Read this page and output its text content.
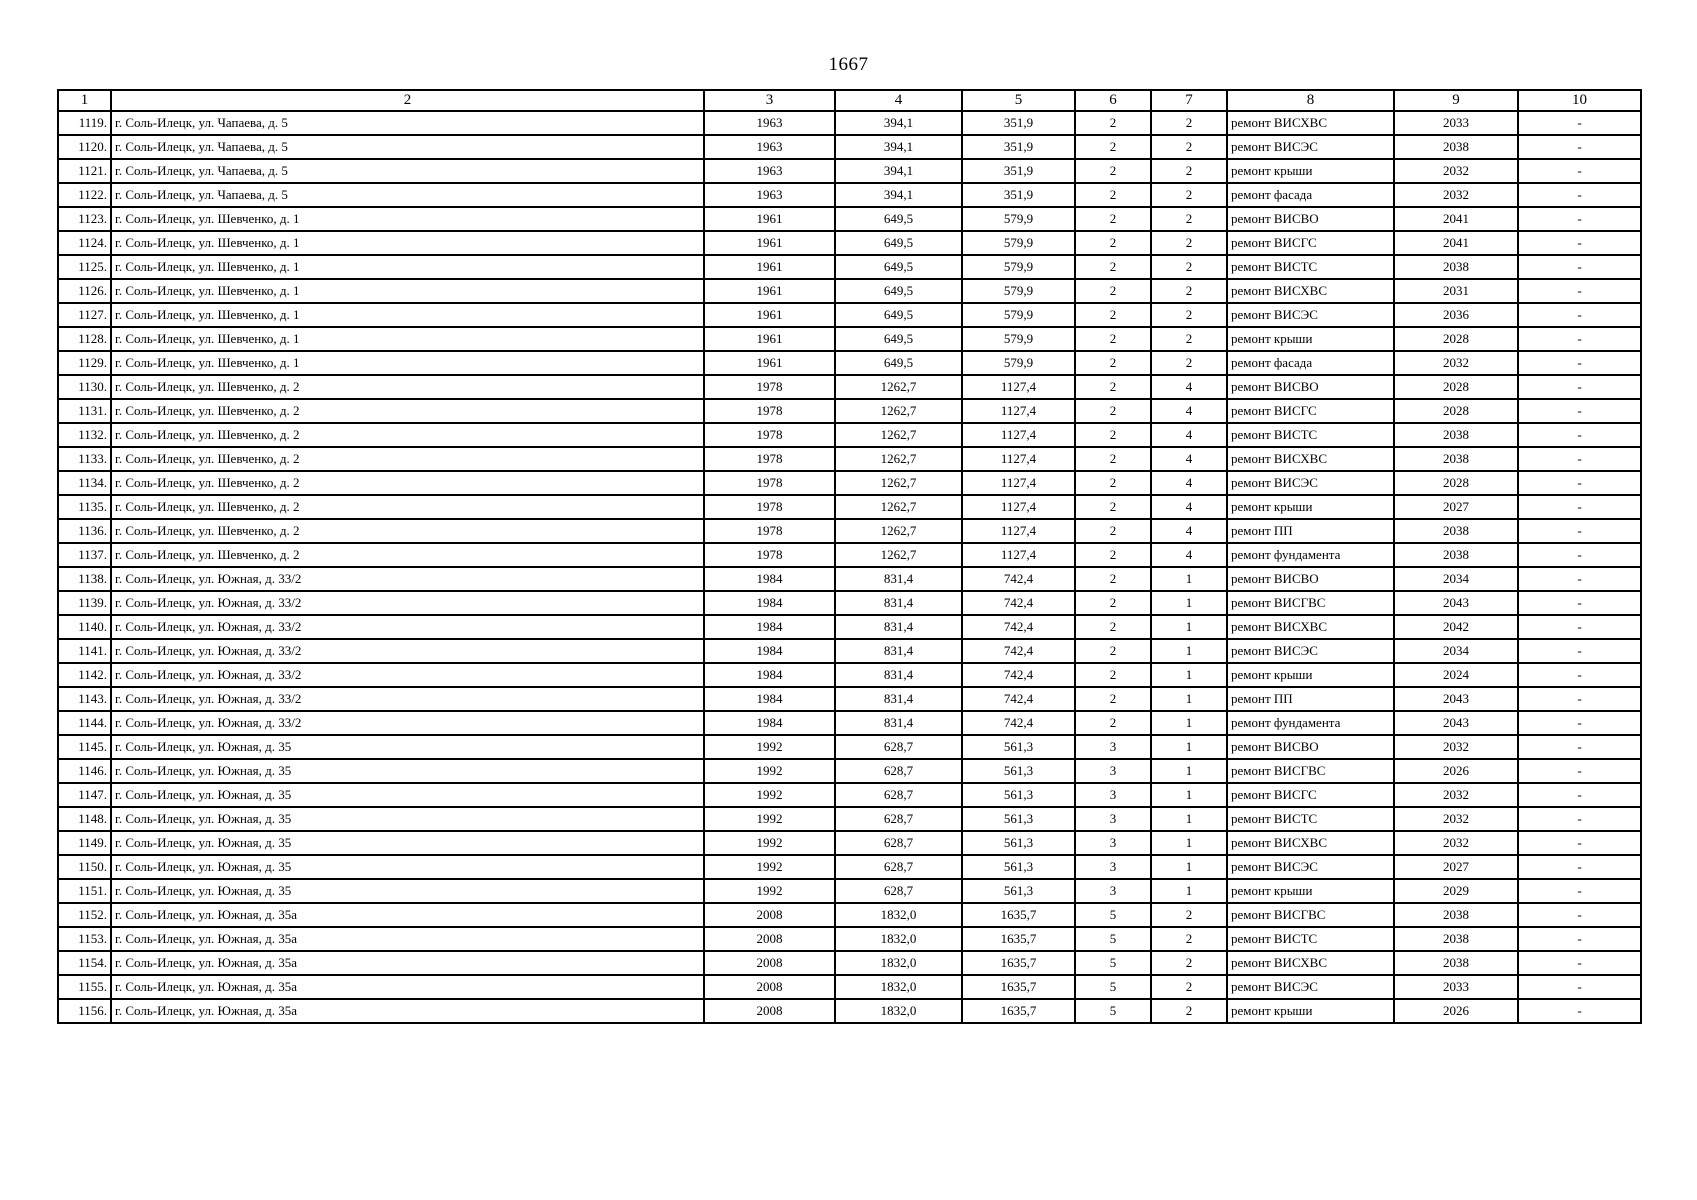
1667
1	2	3	4	5	6	7	8	9	10
1119.	г. Соль-Илецк, ул. Чапаева, д. 5	1963	394,1	351,9	2	2	ремонт ВИСХВС	2033	-
1120.	г. Соль-Илецк, ул. Чапаева, д. 5	1963	394,1	351,9	2	2	ремонт ВИСЭС	2038	-
1121.	г. Соль-Илецк, ул. Чапаева, д. 5	1963	394,1	351,9	2	2	ремонт крыши	2032	-
1122.	г. Соль-Илецк, ул. Чапаева, д. 5	1963	394,1	351,9	2	2	ремонт фасада	2032	-
1123.	г. Соль-Илецк, ул. Шевченко, д. 1	1961	649,5	579,9	2	2	ремонт ВИСВО	2041	-
1124.	г. Соль-Илецк, ул. Шевченко, д. 1	1961	649,5	579,9	2	2	ремонт ВИСГС	2041	-
1125.	г. Соль-Илецк, ул. Шевченко, д. 1	1961	649,5	579,9	2	2	ремонт ВИСТС	2038	-
1126.	г. Соль-Илецк, ул. Шевченко, д. 1	1961	649,5	579,9	2	2	ремонт ВИСХВС	2031	-
1127.	г. Соль-Илецк, ул. Шевченко, д. 1	1961	649,5	579,9	2	2	ремонт ВИСЭС	2036	-
1128.	г. Соль-Илецк, ул. Шевченко, д. 1	1961	649,5	579,9	2	2	ремонт крыши	2028	-
1129.	г. Соль-Илецк, ул. Шевченко, д. 1	1961	649,5	579,9	2	2	ремонт фасада	2032	-
1130.	г. Соль-Илецк, ул. Шевченко, д. 2	1978	1262,7	1127,4	2	4	ремонт ВИСВО	2028	-
1131.	г. Соль-Илецк, ул. Шевченко, д. 2	1978	1262,7	1127,4	2	4	ремонт ВИСГС	2028	-
1132.	г. Соль-Илецк, ул. Шевченко, д. 2	1978	1262,7	1127,4	2	4	ремонт ВИСТС	2038	-
1133.	г. Соль-Илецк, ул. Шевченко, д. 2	1978	1262,7	1127,4	2	4	ремонт ВИСХВС	2038	-
1134.	г. Соль-Илецк, ул. Шевченко, д. 2	1978	1262,7	1127,4	2	4	ремонт ВИСЭС	2028	-
1135.	г. Соль-Илецк, ул. Шевченко, д. 2	1978	1262,7	1127,4	2	4	ремонт крыши	2027	-
1136.	г. Соль-Илецк, ул. Шевченко, д. 2	1978	1262,7	1127,4	2	4	ремонт ПП	2038	-
1137.	г. Соль-Илецк, ул. Шевченко, д. 2	1978	1262,7	1127,4	2	4	ремонт фундамента	2038	-
1138.	г. Соль-Илецк, ул. Южная, д. 33/2	1984	831,4	742,4	2	1	ремонт ВИСВО	2034	-
1139.	г. Соль-Илецк, ул. Южная, д. 33/2	1984	831,4	742,4	2	1	ремонт ВИСГВС	2043	-
1140.	г. Соль-Илецк, ул. Южная, д. 33/2	1984	831,4	742,4	2	1	ремонт ВИСХВС	2042	-
1141.	г. Соль-Илецк, ул. Южная, д. 33/2	1984	831,4	742,4	2	1	ремонт ВИСЭС	2034	-
1142.	г. Соль-Илецк, ул. Южная, д. 33/2	1984	831,4	742,4	2	1	ремонт крыши	2024	-
1143.	г. Соль-Илецк, ул. Южная, д. 33/2	1984	831,4	742,4	2	1	ремонт ПП	2043	-
1144.	г. Соль-Илецк, ул. Южная, д. 33/2	1984	831,4	742,4	2	1	ремонт фундамента	2043	-
1145.	г. Соль-Илецк, ул. Южная, д. 35	1992	628,7	561,3	3	1	ремонт ВИСВО	2032	-
1146.	г. Соль-Илецк, ул. Южная, д. 35	1992	628,7	561,3	3	1	ремонт ВИСГВС	2026	-
1147.	г. Соль-Илецк, ул. Южная, д. 35	1992	628,7	561,3	3	1	ремонт ВИСГС	2032	-
1148.	г. Соль-Илецк, ул. Южная, д. 35	1992	628,7	561,3	3	1	ремонт ВИСТС	2032	-
1149.	г. Соль-Илецк, ул. Южная, д. 35	1992	628,7	561,3	3	1	ремонт ВИСХВС	2032	-
1150.	г. Соль-Илецк, ул. Южная, д. 35	1992	628,7	561,3	3	1	ремонт ВИСЭС	2027	-
1151.	г. Соль-Илецк, ул. Южная, д. 35	1992	628,7	561,3	3	1	ремонт крыши	2029	-
1152.	г. Соль-Илецк, ул. Южная, д. 35а	2008	1832,0	1635,7	5	2	ремонт ВИСГВС	2038	-
1153.	г. Соль-Илецк, ул. Южная, д. 35а	2008	1832,0	1635,7	5	2	ремонт ВИСТС	2038	-
1154.	г. Соль-Илецк, ул. Южная, д. 35а	2008	1832,0	1635,7	5	2	ремонт ВИСХВС	2038	-
1155.	г. Соль-Илецк, ул. Южная, д. 35а	2008	1832,0	1635,7	5	2	ремонт ВИСЭС	2033	-
1156.	г. Соль-Илецк, ул. Южная, д. 35а	2008	1832,0	1635,7	5	2	ремонт крыши	2026	-
